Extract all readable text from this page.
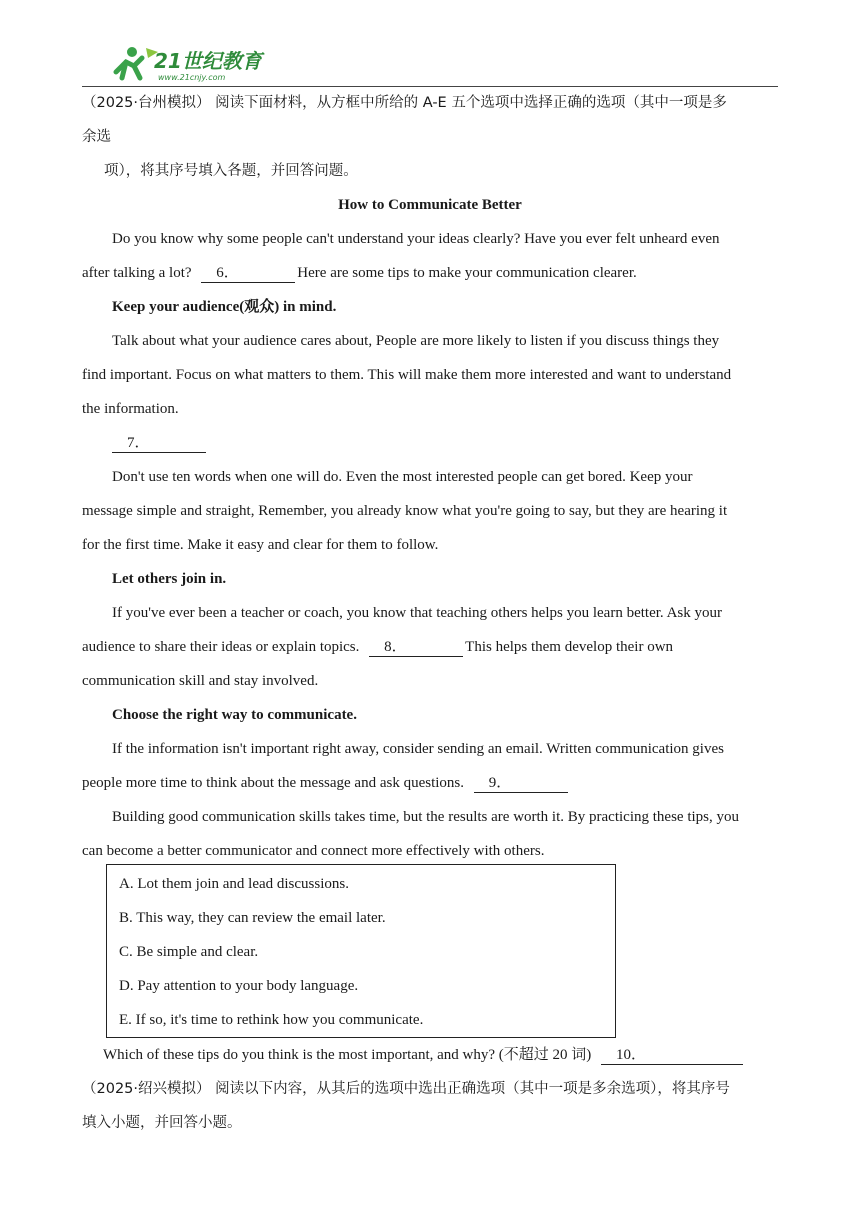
21世纪教育
www.21cnjy.com
（2025·台州模拟） 阅读下面材料，从方框中所给的 A-E 五个选项中选择正确的选项（其中一项是多
余选
项），将其序号填入各题，并回答问题。
How to Communicate Better
Do you know why some people can't understand your ideas clearly? Have you ever felt unheard even
after talking a lot? 6．	Here are some tips to make your communication clearer.
Keep your audience(观众) in mind.
Talk about what your audience cares about, People are more likely to listen if you discuss things they
find important. Focus on what matters to them. This will make them more interested and want to understand
the information.
7．
Don't use ten words when one will do. Even the most interested people can get bored. Keep your
message simple and straight, Remember, you already know what you're going to say, but they are hearing it
for the first time. Make it easy and clear for them to follow.
Let others join in.
If you've ever been a teacher or coach, you know that teaching others helps you learn better. Ask your
audience to share their ideas or explain topics. 8．	This helps them develop their own
communication skill and stay involved.
Choose the right way to communicate.
If the information isn't important right away, consider sending an email. Written communication gives
people more time to think about the message and ask questions. 9．
Building good communication skills takes time, but the results are worth it. By practicing these tips, you
can become a better communicator and connect more effectively with others.
A. Lot them join and lead discussions.
B. This way, they can review the email later.
C. Be simple and clear.
D. Pay attention to your body language.
E. If so, it's time to rethink how you communicate.
Which of these tips do you think is the most important, and why? (不超过 20 词) 10．
（2025·绍兴模拟） 阅读以下内容，从其后的选项中选出正确选项（其中一项是多余选项），将其序号
填入小题，并回答小题。
